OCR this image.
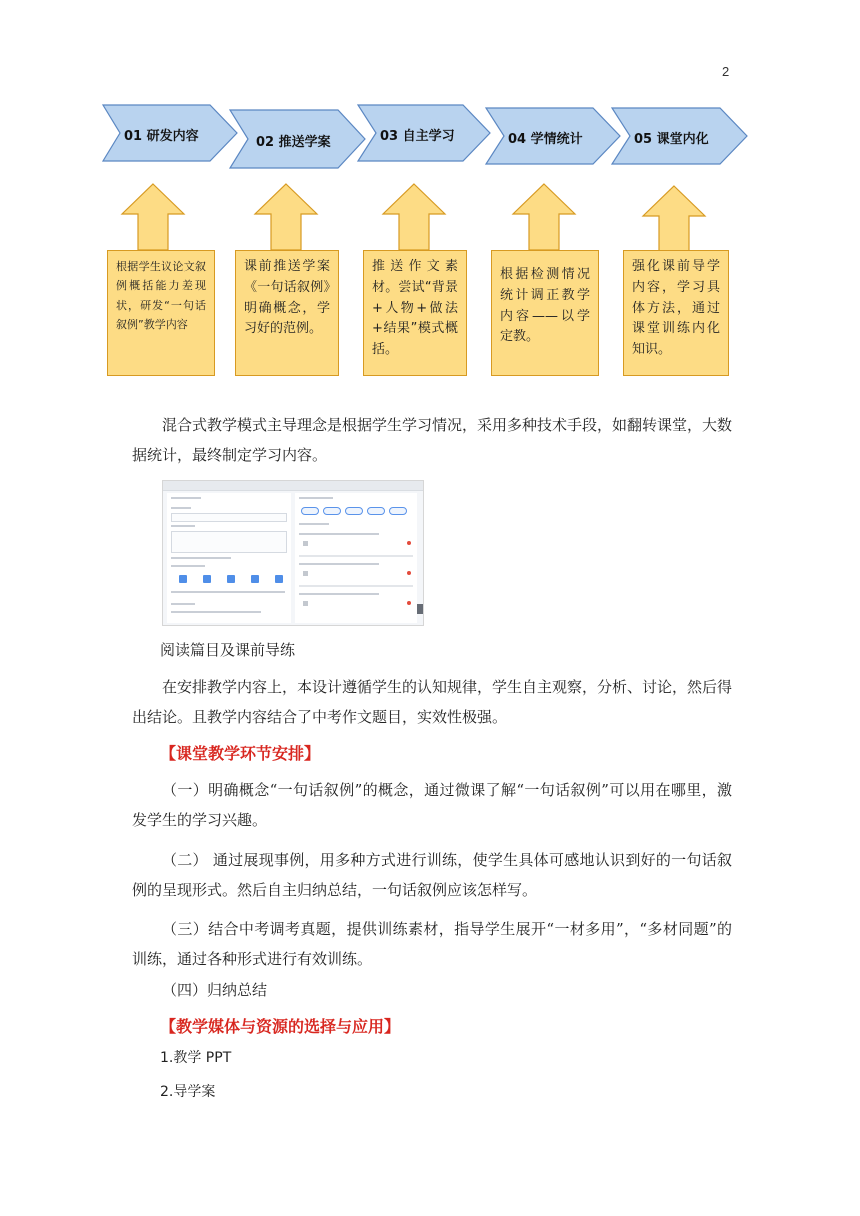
2
01 研发内容	02 推送学案	03 自主学习	04 学情统计	05 课堂内化
根据学生议论文叙例概括能力差现状，研发“一句话叙例”教学内容
课前推送学案《一句话叙例》明确概念，学习好的范例。
推送作文素材。尝试“背景+人物+做法+结果”模式概括。
根据检测情况统计调正教学内容——以学定教。
强化课前导学内容，学习具体方法，通过课堂训练内化知识。

混合式教学模式主导理念是根据学生学习情况，采用多种技术手段，如翻转课堂，大数据统计，最终制定学习内容。

阅读篇目及课前导练

在安排教学内容上，本设计遵循学生的认知规律，学生自主观察，分析、讨论，然后得出结论。且教学内容结合了中考作文题目，实效性极强。

【课堂教学环节安排】

（一）明确概念“一句话叙例”的概念，通过微课了解“一句话叙例”可以用在哪里，激发学生的学习兴趣。

（二） 通过展现事例，用多种方式进行训练，使学生具体可感地认识到好的一句话叙例的呈现形式。然后自主归纳总结，一句话叙例应该怎样写。

（三）结合中考调考真题，提供训练素材，指导学生展开“一材多用”，“多材同题”的训练，通过各种形式进行有效训练。

（四）归纳总结

【教学媒体与资源的选择与应用】
1.教学 PPT
2.导学案
